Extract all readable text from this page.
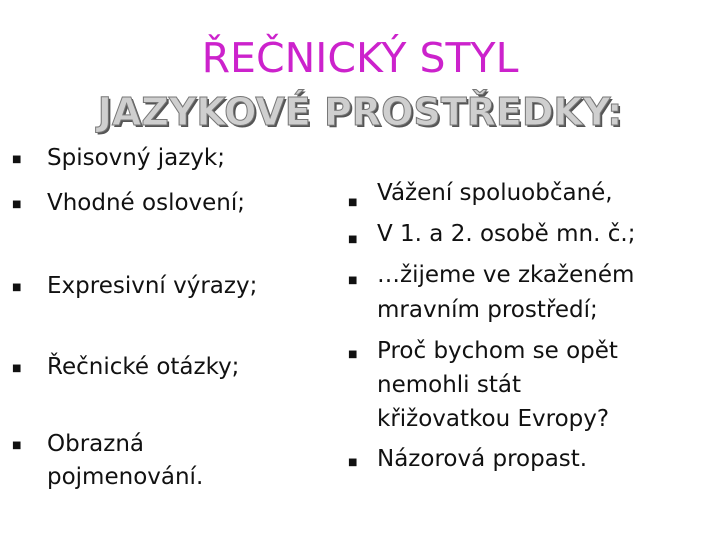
ŘEČNICKÝ STYL
JAZYKOVÉ PROSTŘEDKY:
■ Spisovný jazyk;
■ Vhodné oslovení;
■ Expresivní výrazy;
■ Řečnické otázky;
■ Obrazná
pojmenování.
■ Vážení spoluobčané,
■ V 1. a 2. osobě mn. č.;
■ …žijeme ve zkaženém
mravním prostředí;
■ Proč bychom se opět
nemohli stát
křižovatkou Evropy?
■ Názorová propast.
